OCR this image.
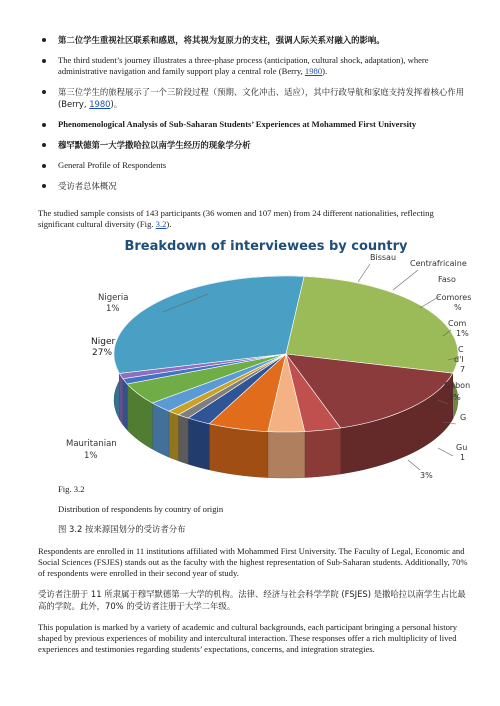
第二位学生重视社区联系和感恩，将其视为复原力的支柱，强调人际关系对融入的影响。
The third student’s journey illustrates a three-phase process (anticipation, cultural shock, adaptation), where administrative navigation and family support play a central role (Berry, 1980).
第三位学生的旅程展示了一个三阶段过程（预期、文化冲击、适应），其中行政导航和家庭支持发挥着核心作用 (Berry, 1980)。
Phenomenological Analysis of Sub-Saharan Students’ Experiences at Mohammed First University
穆罕默德第一大学撒哈拉以南学生经历的现象学分析
General Profile of Respondents
受访者总体概况

The studied sample consists of 143 participants (36 women and 107 men) from 24 different nationalities, reflecting significant cultural diversity (Fig. 3.2).

Breakdown of interviewees by country
Bissau
Centrafricaine
Faso
Comores
%
Com
1%
C
d'I
7
Gabon
3%
G
Gu
1
3%
Nigeria
1%
Niger
27%
Mauritanian
1%
Fig. 3.2
Distribution of respondents by country of origin
图 3.2 按来源国划分的受访者分布

Respondents are enrolled in 11 institutions affiliated with Mohammed First University. The Faculty of Legal, Economic and Social Sciences (FSJES) stands out as the faculty with the highest representation of Sub-Saharan students. Additionally, 70% of respondents were enrolled in their second year of study.

受访者注册于 11 所隶属于穆罕默德第一大学的机构。法律、经济与社会科学学院 (FSJES) 是撒哈拉以南学生占比最高的学院。此外，70% 的受访者注册于大学二年级。

This population is marked by a variety of academic and cultural backgrounds, each participant bringing a personal history shaped by previous experiences of mobility and intercultural interaction. These responses offer a rich multiplicity of lived experiences and testimonies regarding students’ expectations, concerns, and integration strategies.
